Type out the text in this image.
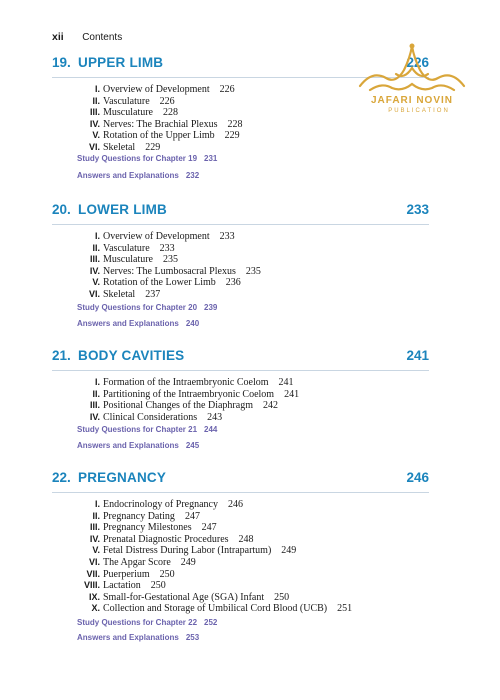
xii Contents
19. UPPER LIMB	226
I. Overview of Development 226
II. Vasculature 226
III. Musculature 228
IV. Nerves: The Brachial Plexus 228
V. Rotation of the Upper Limb 229
VI. Skeletal 229
Study Questions for Chapter 19 231
Answers and Explanations 232
20. LOWER LIMB	233
I. Overview of Development 233
II. Vasculature 233
III. Musculature 235
IV. Nerves: The Lumbosacral Plexus 235
V. Rotation of the Lower Limb 236
VI. Skeletal 237
Study Questions for Chapter 20 239
Answers and Explanations 240
21. BODY CAVITIES	241
I. Formation of the Intraembryonic Coelom 241
II. Partitioning of the Intraembryonic Coelom 241
III. Positional Changes of the Diaphragm 242
IV. Clinical Considerations 243
Study Questions for Chapter 21 244
Answers and Explanations 245
22. PREGNANCY	246
I. Endocrinology of Pregnancy 246
II. Pregnancy Dating 247
III. Pregnancy Milestones 247
IV. Prenatal Diagnostic Procedures 248
V. Fetal Distress During Labor (Intrapartum) 249
VI. The Apgar Score 249
VII. Puerperium 250
VIII. Lactation 250
IX. Small-for-Gestational Age (SGA) Infant 250
X. Collection and Storage of Umbilical Cord Blood (UCB) 251
Study Questions for Chapter 22 252
Answers and Explanations 253
JAFARI NOVIN
PUBLICATION
